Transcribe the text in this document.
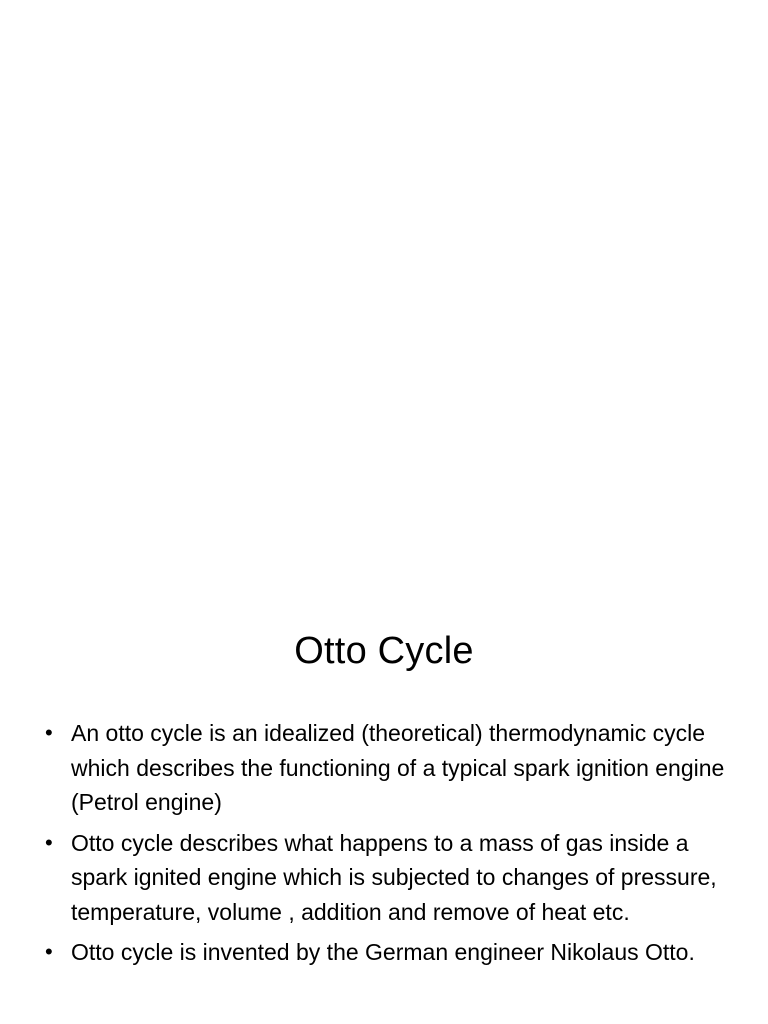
Otto Cycle
• An otto cycle is an idealized (theoretical) thermodynamic cycle which describes the functioning of a typical spark ignition engine (Petrol engine)
• Otto cycle describes what happens to a mass of gas inside a spark ignited engine which is subjected to changes of pressure, temperature, volume , addition and remove of heat etc.
• Otto cycle is invented by the German engineer Nikolaus Otto.
